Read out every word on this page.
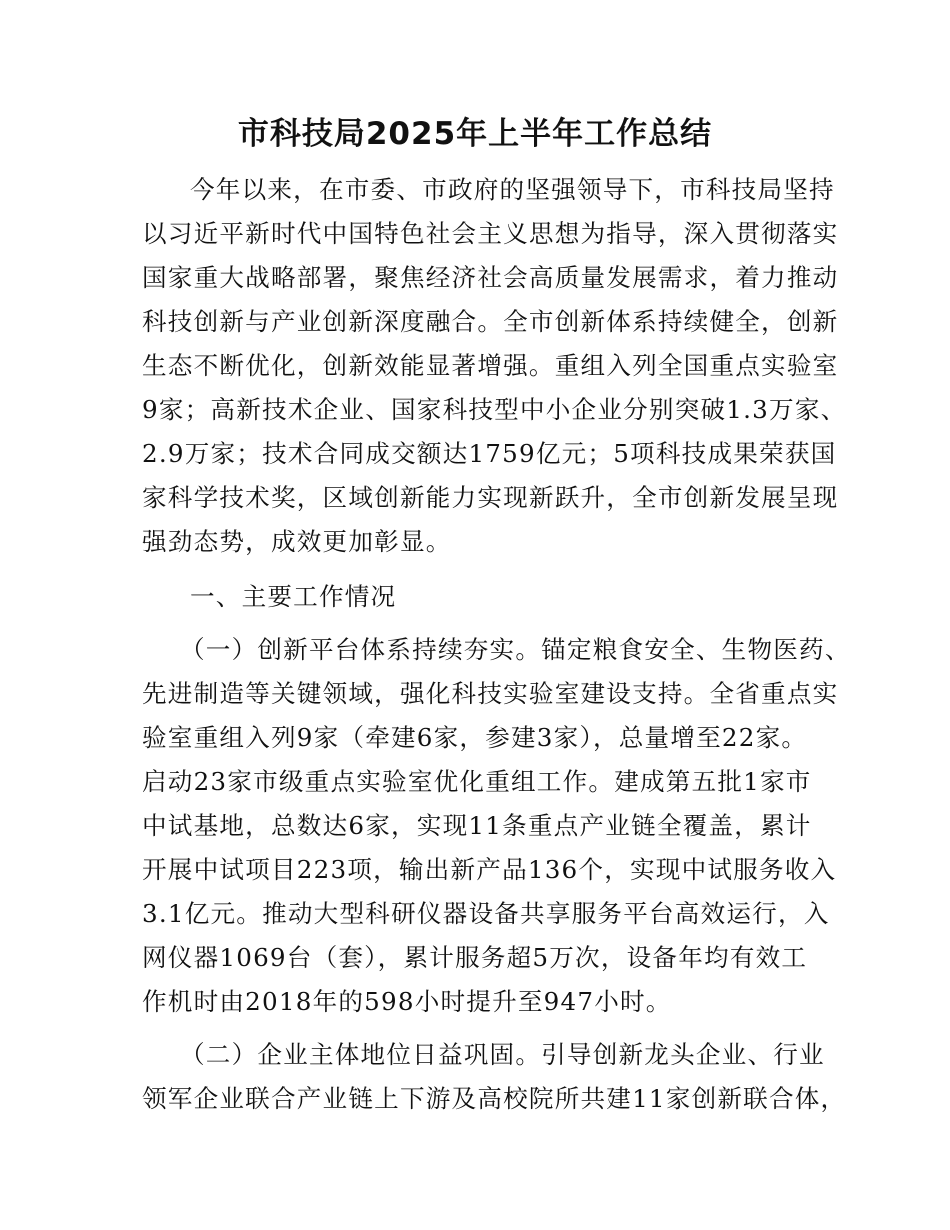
市科技局2025年上半年工作总结
今年以来，在市委、市政府的坚强领导下，市科技局坚持
以习近平新时代中国特色社会主义思想为指导，深入贯彻落实
国家重大战略部署，聚焦经济社会高质量发展需求，着力推动
科技创新与产业创新深度融合。全市创新体系持续健全，创新
生态不断优化，创新效能显著增强。重组入列全国重点实验室
9家；高新技术企业、国家科技型中小企业分别突破1.3万家、
2.9万家；技术合同成交额达1759亿元；5项科技成果荣获国
家科学技术奖，区域创新能力实现新跃升，全市创新发展呈现
强劲态势，成效更加彰显。
一、主要工作情况
（一）创新平台体系持续夯实。锚定粮食安全、生物医药、
先进制造等关键领域，强化科技实验室建设支持。全省重点实
验室重组入列9家（牵建6家，参建3家），总量增至22家。
启动23家市级重点实验室优化重组工作。建成第五批1家市
中试基地，总数达6家，实现11条重点产业链全覆盖，累计
开展中试项目223项，输出新产品136个，实现中试服务收入
3.1亿元。推动大型科研仪器设备共享服务平台高效运行，入
网仪器1069台（套），累计服务超5万次，设备年均有效工
作机时由2018年的598小时提升至947小时。
（二）企业主体地位日益巩固。引导创新龙头企业、行业
领军企业联合产业链上下游及高校院所共建11家创新联合体，
